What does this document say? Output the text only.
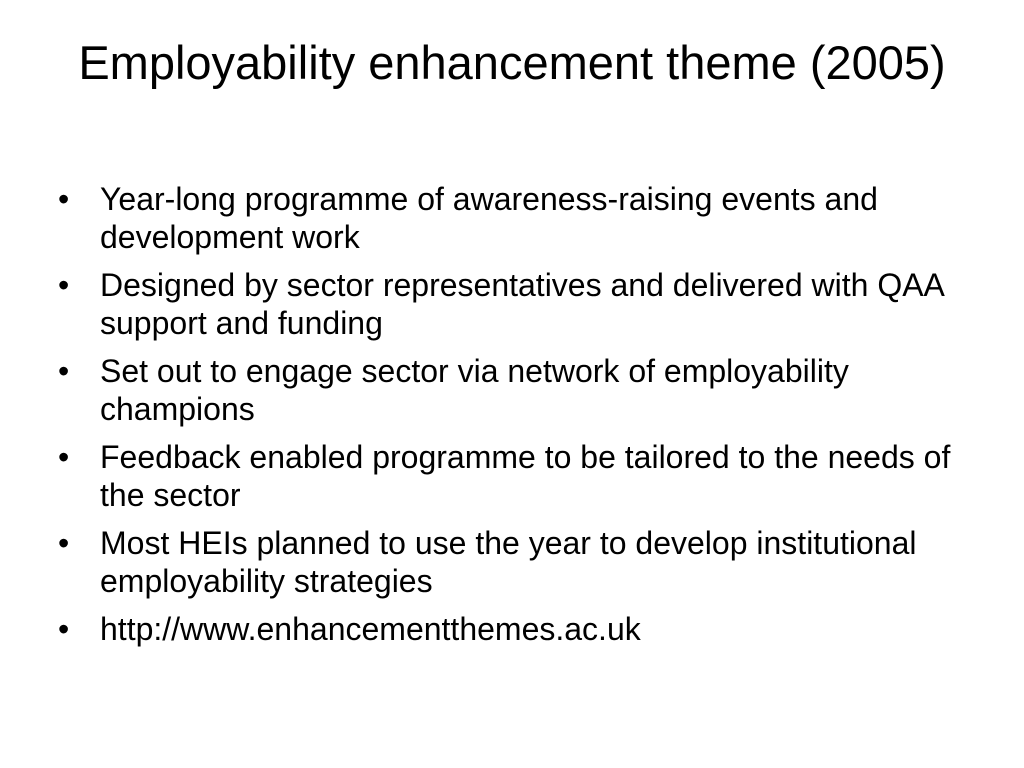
Employability enhancement theme (2005)
• Year-long programme of awareness-raising events and development work
• Designed by sector representatives and delivered with QAA support and funding
• Set out to engage sector via network of employability champions
• Feedback enabled programme to be tailored to the needs of the sector
• Most HEIs planned to use the year to develop institutional employability strategies
• http://www.enhancementthemes.ac.uk
